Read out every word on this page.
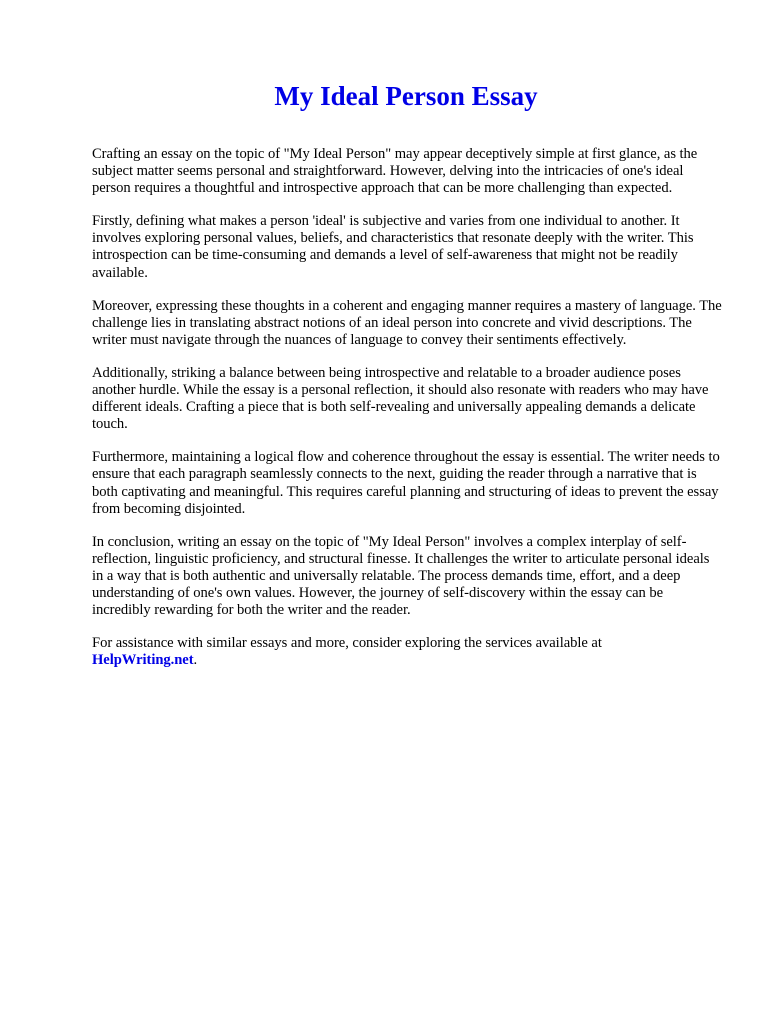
My Ideal Person Essay

Crafting an essay on the topic of "My Ideal Person" may appear deceptively simple at first glance, as the subject matter seems personal and straightforward. However, delving into the intricacies of one's ideal person requires a thoughtful and introspective approach that can be more challenging than expected.

Firstly, defining what makes a person 'ideal' is subjective and varies from one individual to another. It involves exploring personal values, beliefs, and characteristics that resonate deeply with the writer. This introspection can be time-consuming and demands a level of self-awareness that might not be readily available.

Moreover, expressing these thoughts in a coherent and engaging manner requires a mastery of language. The challenge lies in translating abstract notions of an ideal person into concrete and vivid descriptions. The writer must navigate through the nuances of language to convey their sentiments effectively.

Additionally, striking a balance between being introspective and relatable to a broader audience poses another hurdle. While the essay is a personal reflection, it should also resonate with readers who may have different ideals. Crafting a piece that is both self-revealing and universally appealing demands a delicate touch.

Furthermore, maintaining a logical flow and coherence throughout the essay is essential. The writer needs to ensure that each paragraph seamlessly connects to the next, guiding the reader through a narrative that is both captivating and meaningful. This requires careful planning and structuring of ideas to prevent the essay from becoming disjointed.

In conclusion, writing an essay on the topic of "My Ideal Person" involves a complex interplay of self-reflection, linguistic proficiency, and structural finesse. It challenges the writer to articulate personal ideals in a way that is both authentic and universally relatable. The process demands time, effort, and a deep understanding of one's own values. However, the journey of self-discovery within the essay can be incredibly rewarding for both the writer and the reader.

For assistance with similar essays and more, consider exploring the services available at
HelpWriting.net.
